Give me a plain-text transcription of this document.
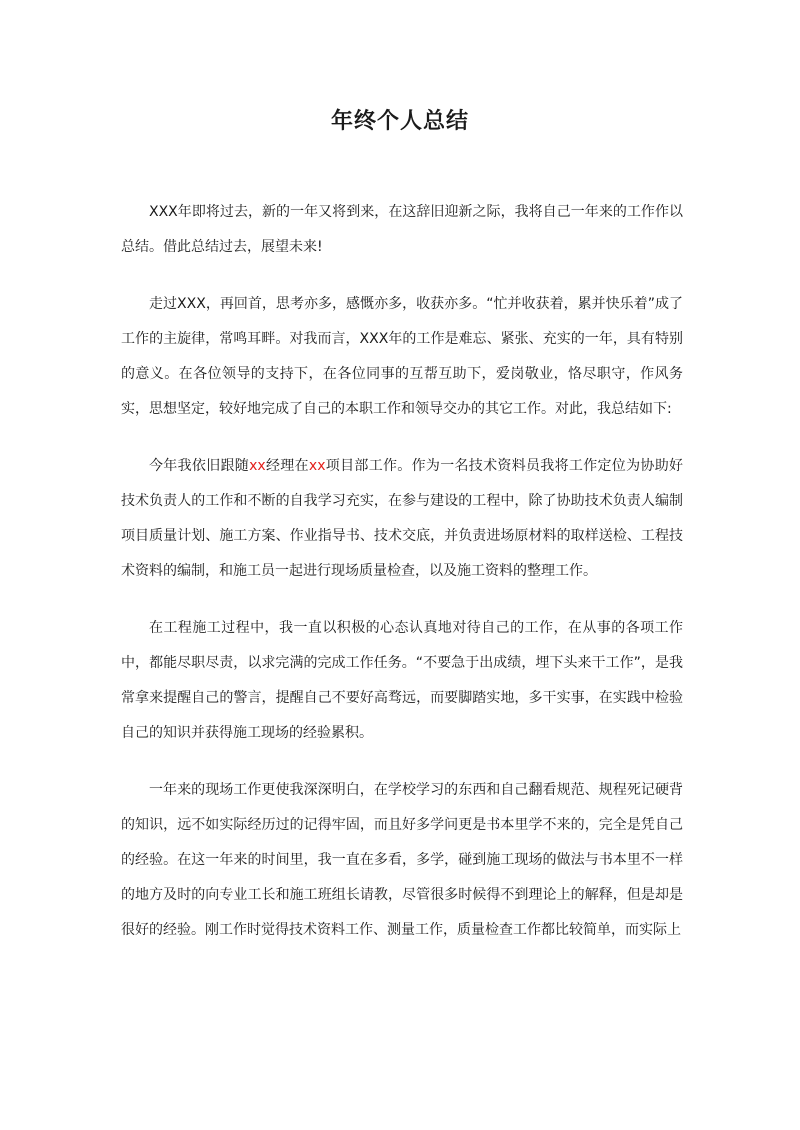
年终个人总结

XXX年即将过去，新的一年又将到来，在这辞旧迎新之际，我将自己一年来的工作作以总结。借此总结过去，展望未来!

走过XXX，再回首，思考亦多，感慨亦多，收获亦多。“忙并收获着，累并快乐着”成了工作的主旋律，常鸣耳畔。对我而言，XXX年的工作是难忘、紧张、充实的一年，具有特别的意义。在各位领导的支持下，在各位同事的互帮互助下，爱岗敬业，恪尽职守，作风务实，思想坚定，较好地完成了自己的本职工作和领导交办的其它工作。对此，我总结如下:

今年我依旧跟随xx经理在xx项目部工作。作为一名技术资料员我将工作定位为协助好技术负责人的工作和不断的自我学习充实，在参与建设的工程中，除了协助技术负责人编制项目质量计划、施工方案、作业指导书、技术交底，并负责进场原材料的取样送检、工程技术资料的编制，和施工员一起进行现场质量检查，以及施工资料的整理工作。

在工程施工过程中，我一直以积极的心态认真地对待自己的工作，在从事的各项工作中，都能尽职尽责，以求完满的完成工作任务。“不要急于出成绩，埋下头来干工作”，是我常拿来提醒自己的警言，提醒自己不要好高骛远，而要脚踏实地，多干实事，在实践中检验自己的知识并获得施工现场的经验累积。

一年来的现场工作更使我深深明白，在学校学习的东西和自己翻看规范、规程死记硬背的知识，远不如实际经历过的记得牢固，而且好多学问更是书本里学不来的，完全是凭自己的经验。在这一年来的时间里，我一直在多看，多学，碰到施工现场的做法与书本里不一样的地方及时的向专业工长和施工班组长请教，尽管很多时候得不到理论上的解释，但是却是很好的经验。刚工作时觉得技术资料工作、测量工作，质量检查工作都比较简单，而实际上
